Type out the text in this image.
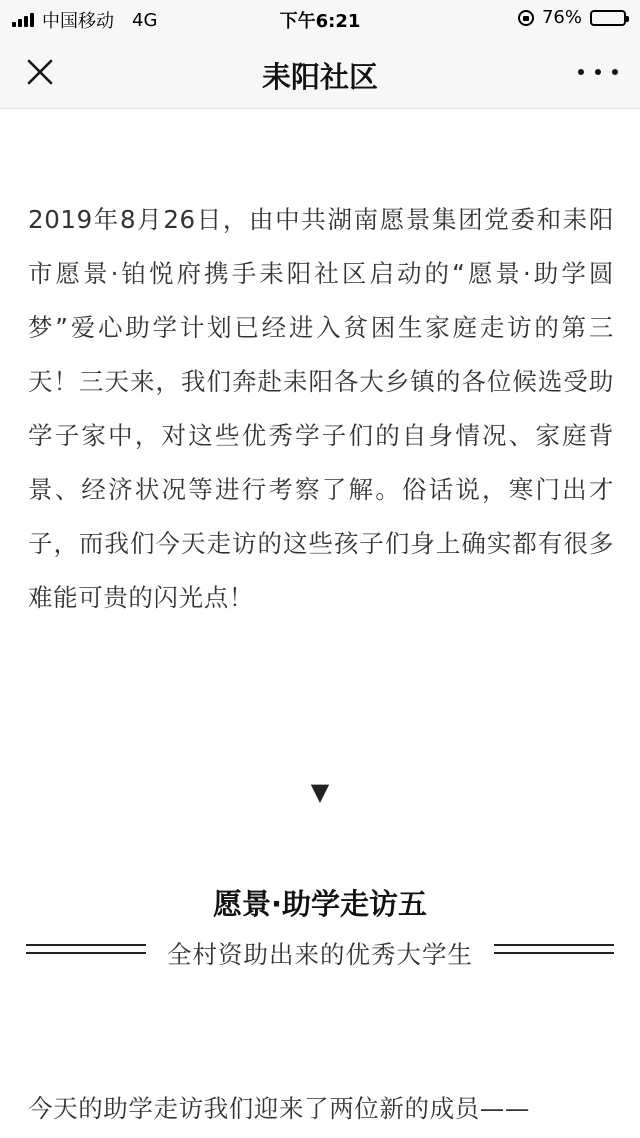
中国移动 4G	下午6:21	76%
耒阳社区

2019年8月26日，由中共湖南愿景集团党委和耒阳市愿景·铂悦府携手耒阳社区启动的“愿景·助学圆梦”爱心助学计划已经进入贫困生家庭走访的第三天！三天来，我们奔赴耒阳各大乡镇的各位候选受助学子家中，对这些优秀学子们的自身情况、家庭背景、经济状况等进行考察了解。俗话说，寒门出才子，而我们今天走访的这些孩子们身上确实都有很多难能可贵的闪光点！

▼
愿景·助学走访五
全村资助出来的优秀大学生
今天的助学走访我们迎来了两位新的成员——
